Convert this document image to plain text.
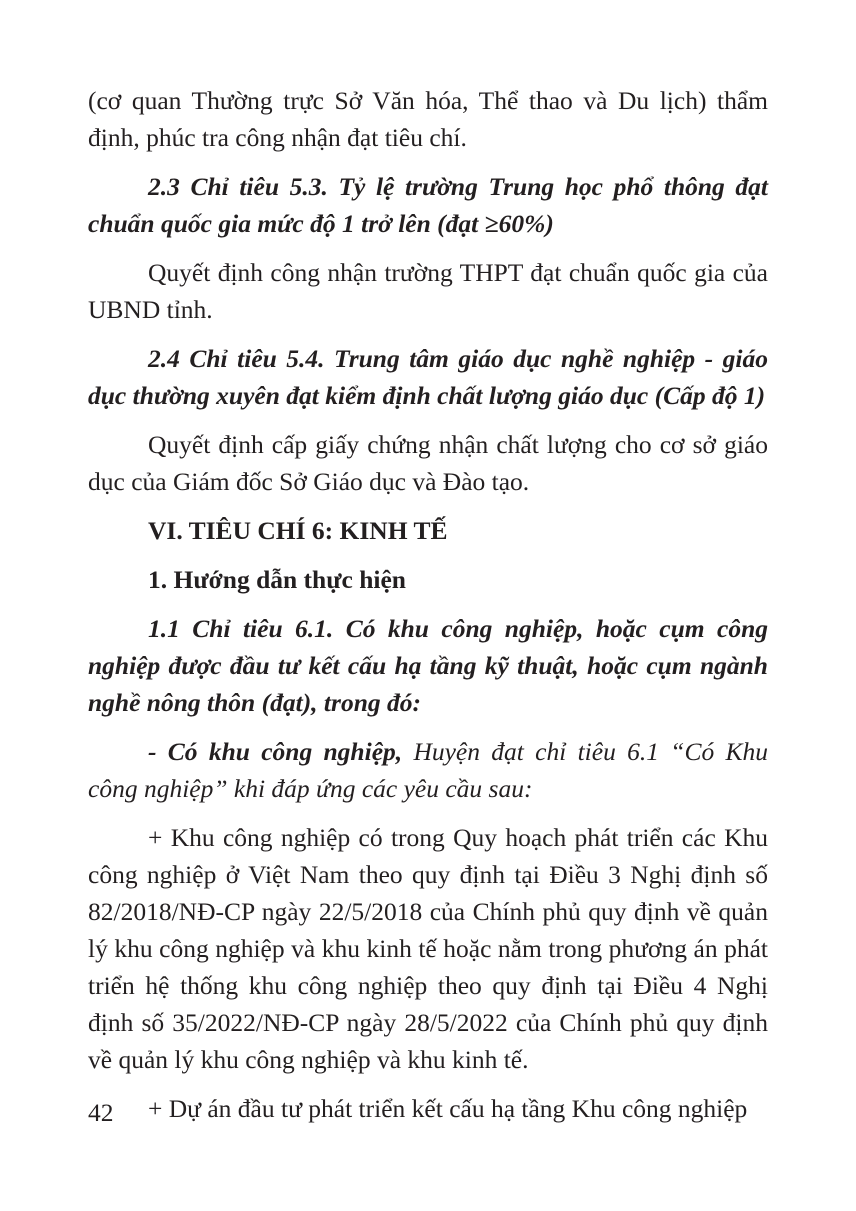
(cơ quan Thường trực Sở Văn hóa, Thể thao và Du lịch) thẩm định, phúc tra công nhận đạt tiêu chí.

2.3 Chỉ tiêu 5.3. Tỷ lệ trường Trung học phổ thông đạt chuẩn quốc gia mức độ 1 trở lên (đạt ≥60%)

Quyết định công nhận trường THPT đạt chuẩn quốc gia của UBND tỉnh.

2.4 Chỉ tiêu 5.4. Trung tâm giáo dục nghề nghiệp - giáo dục thường xuyên đạt kiểm định chất lượng giáo dục (Cấp độ 1)

Quyết định cấp giấy chứng nhận chất lượng cho cơ sở giáo dục của Giám đốc Sở Giáo dục và Đào tạo.

VI. TIÊU CHÍ 6: KINH TẾ

1. Hướng dẫn thực hiện

1.1 Chỉ tiêu 6.1. Có khu công nghiệp, hoặc cụm công nghiệp được đầu tư kết cấu hạ tầng kỹ thuật, hoặc cụm ngành nghề nông thôn (đạt), trong đó:

- Có khu công nghiệp, Huyện đạt chỉ tiêu 6.1 “Có Khu công nghiệp” khi đáp ứng các yêu cầu sau:

+ Khu công nghiệp có trong Quy hoạch phát triển các Khu công nghiệp ở Việt Nam theo quy định tại Điều 3 Nghị định số 82/2018/NĐ-CP ngày 22/5/2018 của Chính phủ quy định về quản lý khu công nghiệp và khu kinh tế hoặc nằm trong phương án phát triển hệ thống khu công nghiệp theo quy định tại Điều 4 Nghị định số 35/2022/NĐ-CP ngày 28/5/2022 của Chính phủ quy định về quản lý khu công nghiệp và khu kinh tế.

+ Dự án đầu tư phát triển kết cấu hạ tầng Khu công nghiệp

42
